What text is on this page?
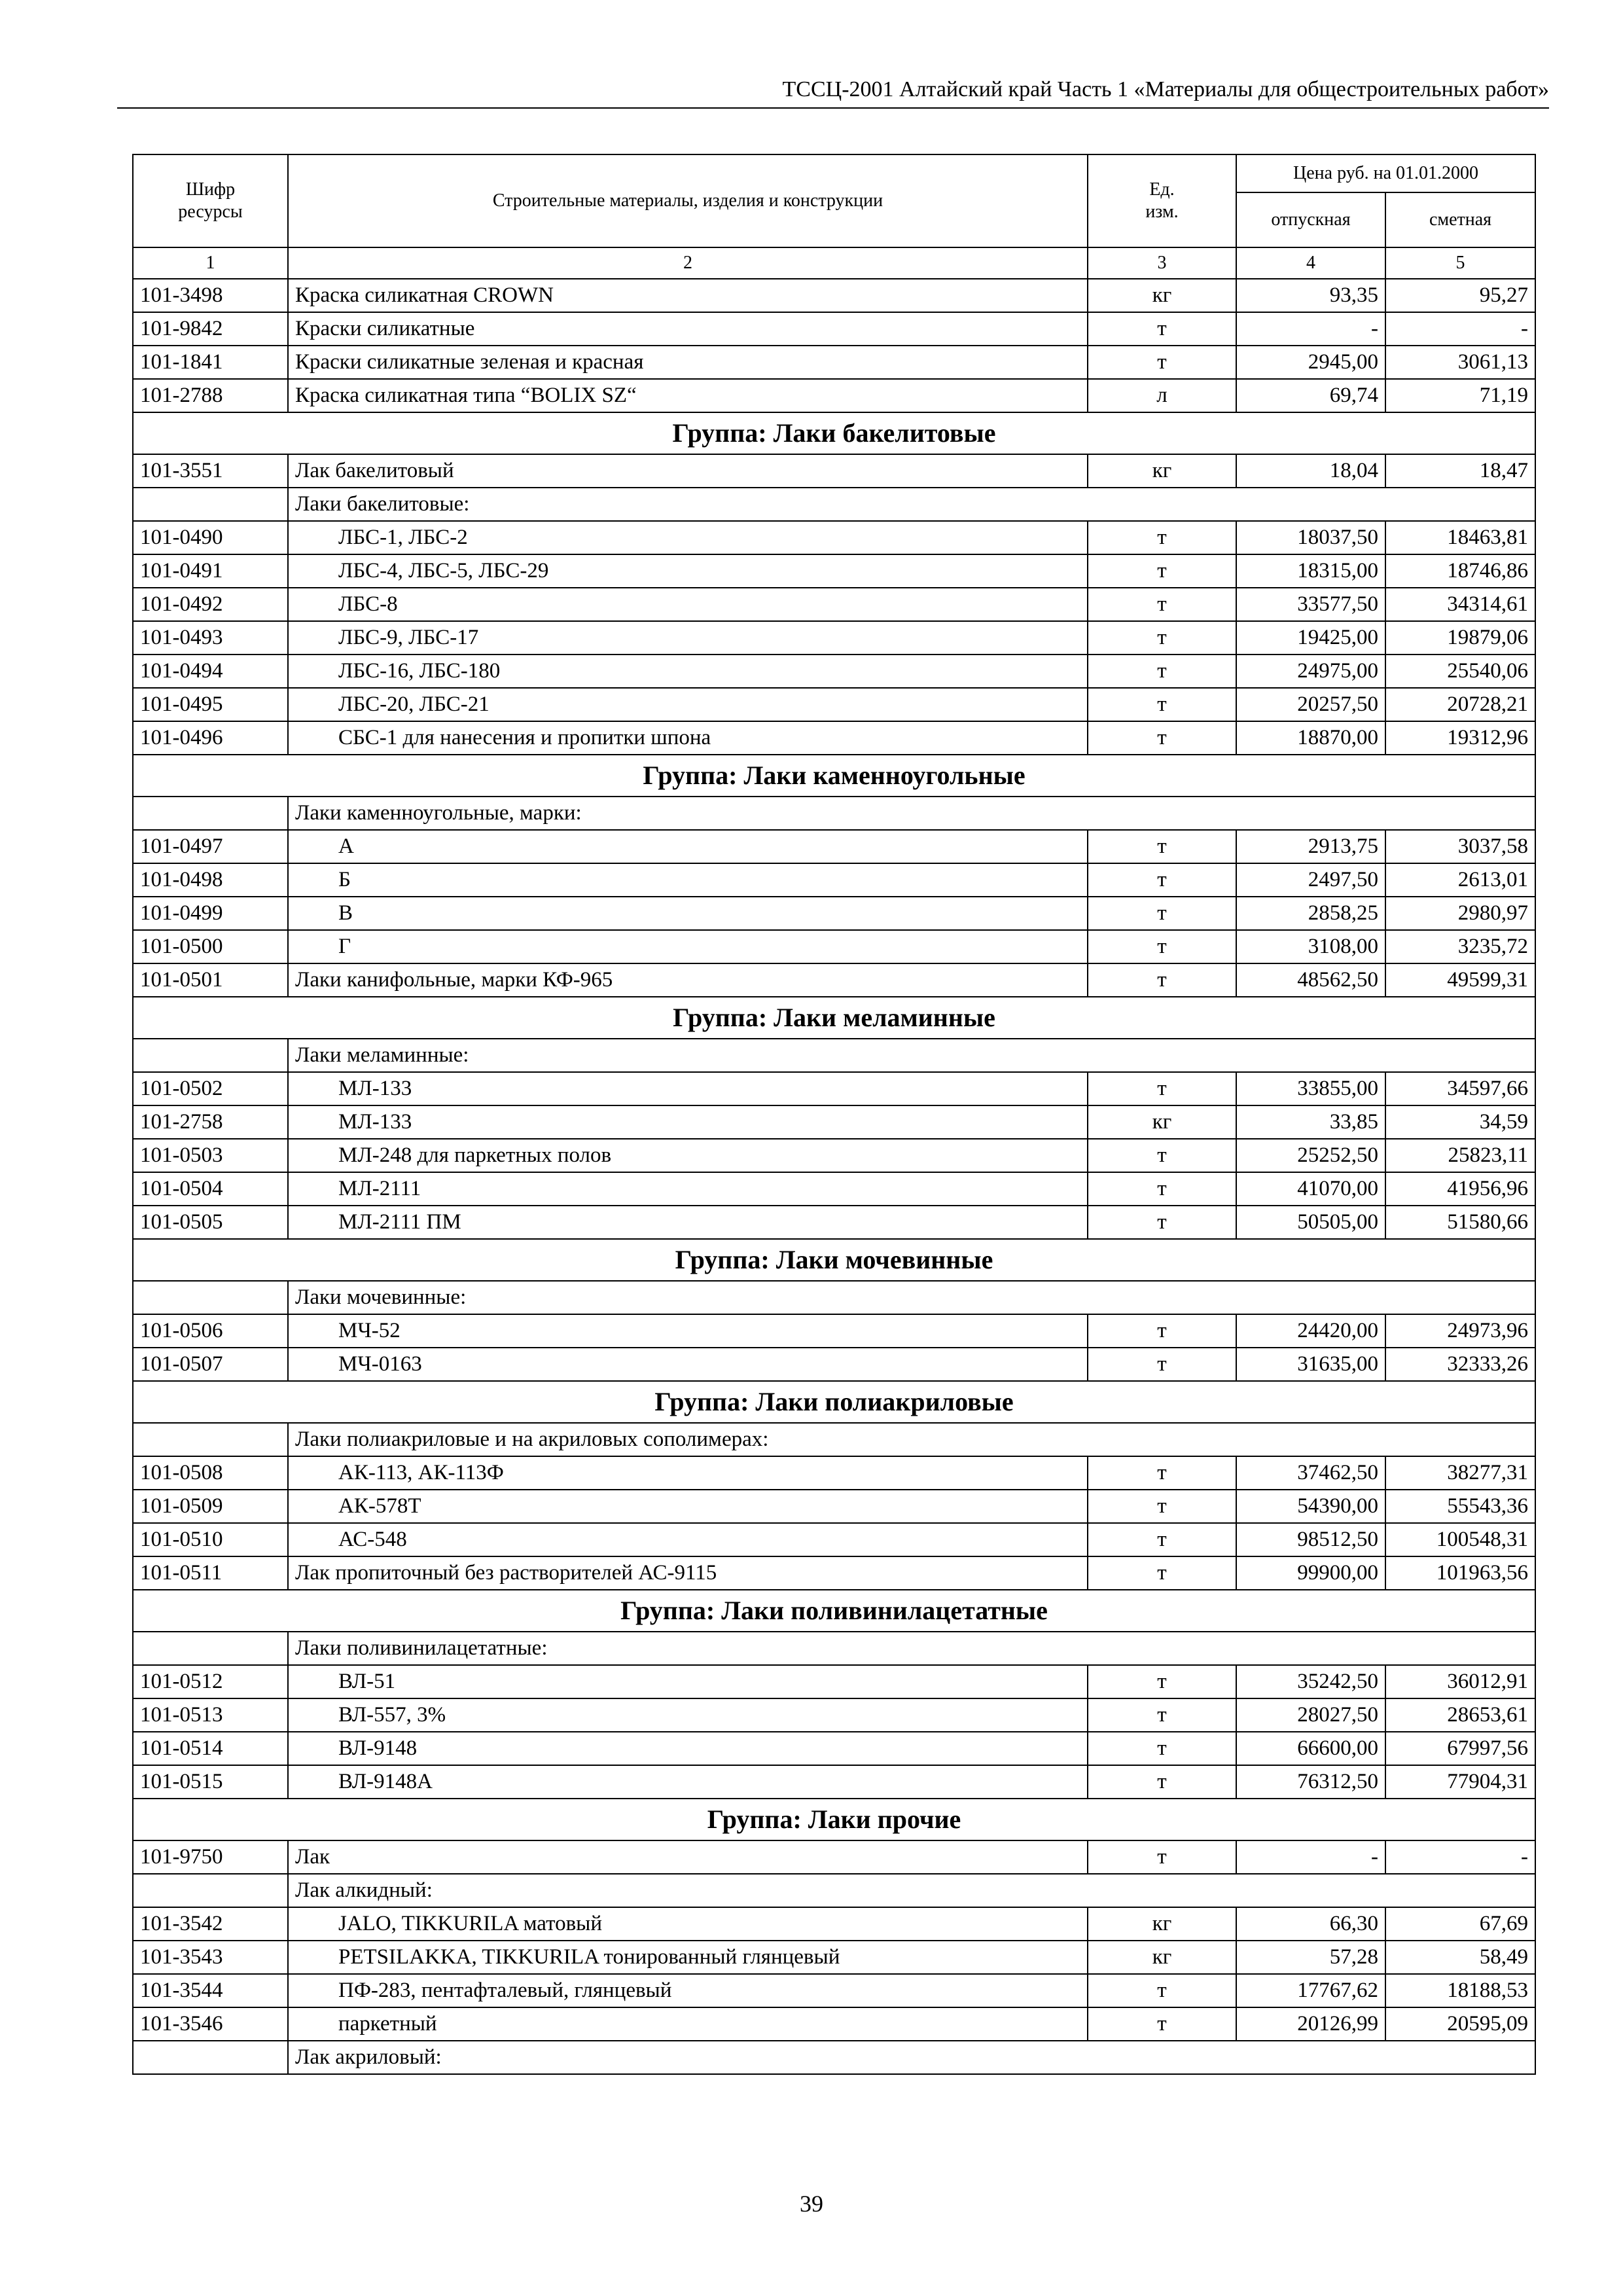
ТССЦ-2001 Алтайский край Часть 1 «Материалы для общестроительных работ»
Шифр ресурсы	Строительные материалы, изделия и конструкции	Ед. изм.	Цена руб. на 01.01.2000	
			отпускная	сметная
1	2	3	4	5
101-3498	Краска силикатная CROWN	кг	93,35	95,27
101-9842	Краски силикатные	т	-	-
101-1841	Краски силикатные зеленая и красная	т	2945,00	3061,13
101-2788	Краска силикатная типа “BOLIX SZ“	л	69,74	71,19
Группа: Лаки бакелитовые				
101-3551	Лак бакелитовый	кг	18,04	18,47
	Лаки бакелитовые:			
101-0490	ЛБС-1, ЛБС-2	т	18037,50	18463,81
101-0491	ЛБС-4, ЛБС-5, ЛБС-29	т	18315,00	18746,86
101-0492	ЛБС-8	т	33577,50	34314,61
101-0493	ЛБС-9, ЛБС-17	т	19425,00	19879,06
101-0494	ЛБС-16, ЛБС-180	т	24975,00	25540,06
101-0495	ЛБС-20, ЛБС-21	т	20257,50	20728,21
101-0496	СБС-1 для нанесения и пропитки шпона	т	18870,00	19312,96
Группа: Лаки каменноугольные				
	Лаки каменноугольные, марки:			
101-0497	А	т	2913,75	3037,58
101-0498	Б	т	2497,50	2613,01
101-0499	В	т	2858,25	2980,97
101-0500	Г	т	3108,00	3235,72
101-0501	Лаки канифольные, марки КФ-965	т	48562,50	49599,31
Группа: Лаки меламинные				
	Лаки меламинные:			
101-0502	МЛ-133	т	33855,00	34597,66
101-2758	МЛ-133	кг	33,85	34,59
101-0503	МЛ-248 для паркетных полов	т	25252,50	25823,11
101-0504	МЛ-2111	т	41070,00	41956,96
101-0505	МЛ-2111 ПМ	т	50505,00	51580,66
Группа: Лаки мочевинные				
	Лаки мочевинные:			
101-0506	МЧ-52	т	24420,00	24973,96
101-0507	МЧ-0163	т	31635,00	32333,26
Группа: Лаки полиакриловые				
	Лаки полиакриловые и на акриловых сополимерах:			
101-0508	АК-113, АК-113Ф	т	37462,50	38277,31
101-0509	АК-578Т	т	54390,00	55543,36
101-0510	АС-548	т	98512,50	100548,31
101-0511	Лак пропиточный без растворителей АС-9115	т	99900,00	101963,56
Группа: Лаки поливинилацетатные				
	Лаки поливинилацетатные:			
101-0512	ВЛ-51	т	35242,50	36012,91
101-0513	ВЛ-557, 3%	т	28027,50	28653,61
101-0514	ВЛ-9148	т	66600,00	67997,56
101-0515	ВЛ-9148А	т	76312,50	77904,31
Группа: Лаки прочие				
101-9750	Лак	т	-	-
	Лак алкидный:			
101-3542	JALO, TIKKURILA матовый	кг	66,30	67,69
101-3543	PETSILAKKA, TIKKURILA тонированный глянцевый	кг	57,28	58,49
101-3544	ПФ-283, пентафталевый, глянцевый	т	17767,62	18188,53
101-3546	паркетный	т	20126,99	20595,09
	Лак акриловый:			
39
